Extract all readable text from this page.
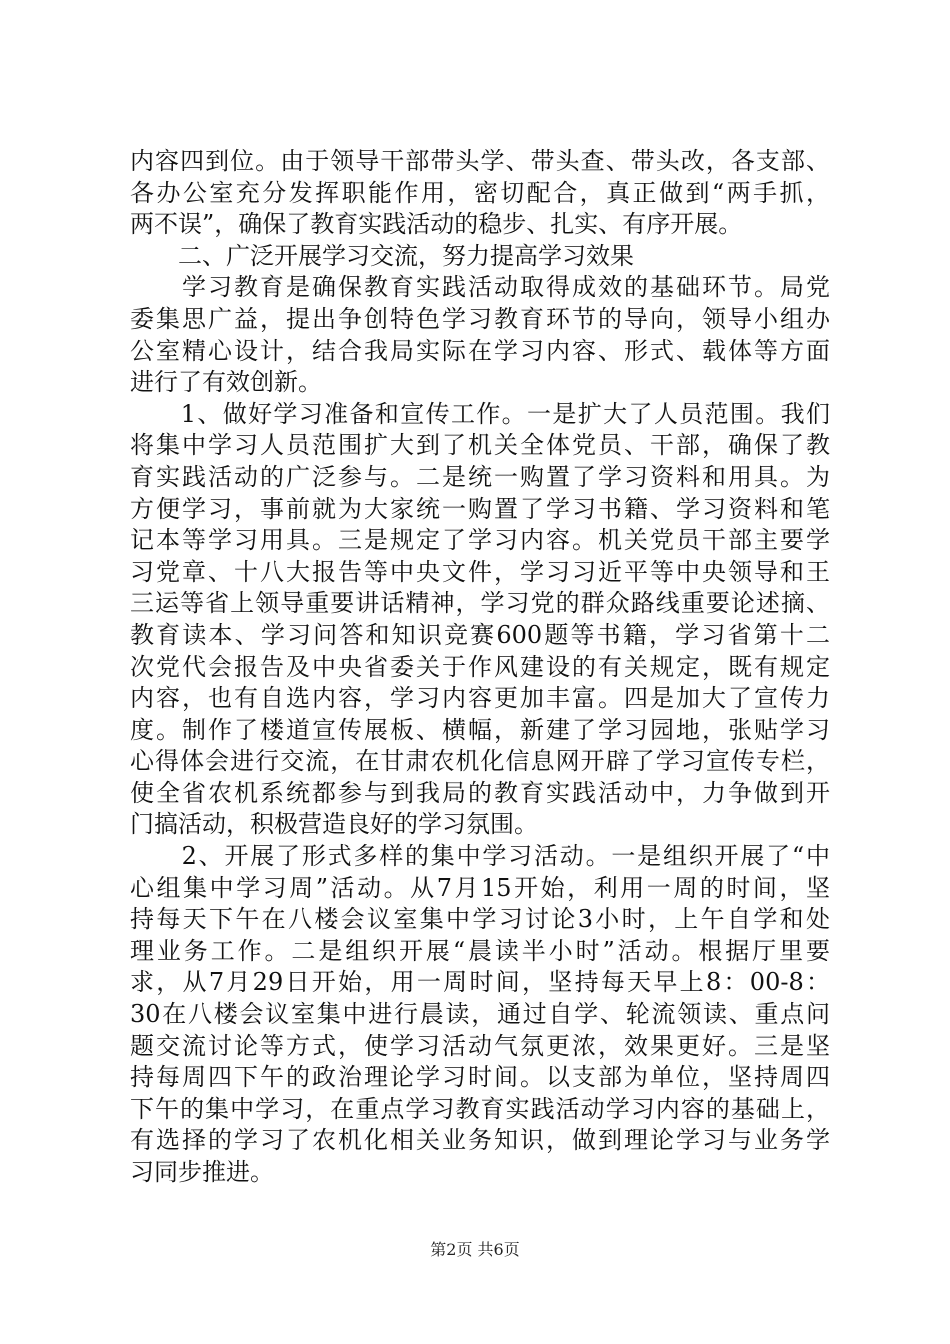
内容四到位。由于领导干部带头学、带头查、带头改，各支部、
各办公室充分发挥职能作用，密切配合，真正做到“两手抓，
两不误”，确保了教育实践活动的稳步、扎实、有序开展。
　　二、广泛开展学习交流，努力提高学习效果
　　学习教育是确保教育实践活动取得成效的基础环节。局党
委集思广益，提出争创特色学习教育环节的导向，领导小组办
公室精心设计，结合我局实际在学习内容、形式、载体等方面
进行了有效创新。
　　1、做好学习准备和宣传工作。一是扩大了人员范围。我们
将集中学习人员范围扩大到了机关全体党员、干部，确保了教
育实践活动的广泛参与。二是统一购置了学习资料和用具。为
方便学习，事前就为大家统一购置了学习书籍、学习资料和笔
记本等学习用具。三是规定了学习内容。机关党员干部主要学
习党章、十八大报告等中央文件，学习习近平等中央领导和王
三运等省上领导重要讲话精神，学习党的群众路线重要论述摘、
教育读本、学习问答和知识竞赛600题等书籍，学习省第十二
次党代会报告及中央省委关于作风建设的有关规定，既有规定
内容，也有自选内容，学习内容更加丰富。四是加大了宣传力
度。制作了楼道宣传展板、横幅，新建了学习园地，张贴学习
心得体会进行交流，在甘肃农机化信息网开辟了学习宣传专栏，
使全省农机系统都参与到我局的教育实践活动中，力争做到开
门搞活动，积极营造良好的学习氛围。
　　2、开展了形式多样的集中学习活动。一是组织开展了“中
心组集中学习周”活动。从7月15开始，利用一周的时间，坚
持每天下午在八楼会议室集中学习讨论3小时，上午自学和处
理业务工作。二是组织开展“晨读半小时”活动。根据厅里要
求，从7月29日开始，用一周时间，坚持每天早上8：00-8：
30在八楼会议室集中进行晨读，通过自学、轮流领读、重点问
题交流讨论等方式，使学习活动气氛更浓，效果更好。三是坚
持每周四下午的政治理论学习时间。以支部为单位，坚持周四
下午的集中学习，在重点学习教育实践活动学习内容的基础上，
有选择的学习了农机化相关业务知识，做到理论学习与业务学
习同步推进。
第2页 共6页
